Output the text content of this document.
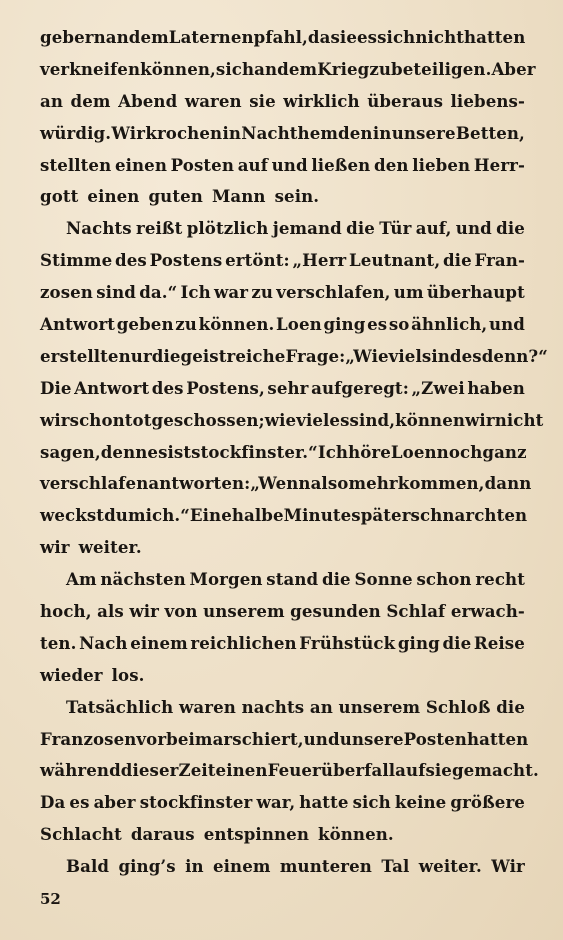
gebern an dem Laternenpfahl, da sie es sich nicht hatten
verkneifen können, sich an dem Krieg zu beteiligen. Aber
an dem Abend waren sie wirklich überaus liebens-
würdig. Wir krochen in Nachthemden in unsere Betten,
stellten einen Posten auf und ließen den lieben Herr-
gott einen guten Mann sein.
Nachts reißt plötzlich jemand die Tür auf, und die
Stimme des Postens ertönt: „Herr Leutnant, die Fran-
zosen sind da.“ Ich war zu verschlafen, um überhaupt
Antwort geben zu können. Loen ging es so ähnlich, und
er stellte nur die geistreiche Frage: „Wieviel sind es denn?“
Die Antwort des Postens, sehr aufgeregt: „Zwei haben
wir schon totgeschossen; wieviel es sind, können wir nicht
sagen, denn es ist stockfinster.“ Ich höre Loen noch ganz
verschlafen antworten: „Wenn also mehr kommen, dann
weckst du mich.“ Eine halbe Minute später schnarchten
wir weiter.
Am nächsten Morgen stand die Sonne schon recht
hoch, als wir von unserem gesunden Schlaf erwach-
ten. Nach einem reichlichen Frühstück ging die Reise
wieder los.
Tatsächlich waren nachts an unserem Schloß die
Franzosen vorbeimarschiert, und unsere Posten hatten
während dieser Zeit einen Feuerüberfall auf sie gemacht.
Da es aber stockfinster war, hatte sich keine größere
Schlacht daraus entspinnen können.
Bald ging’s in einem munteren Tal weiter. Wir
52
